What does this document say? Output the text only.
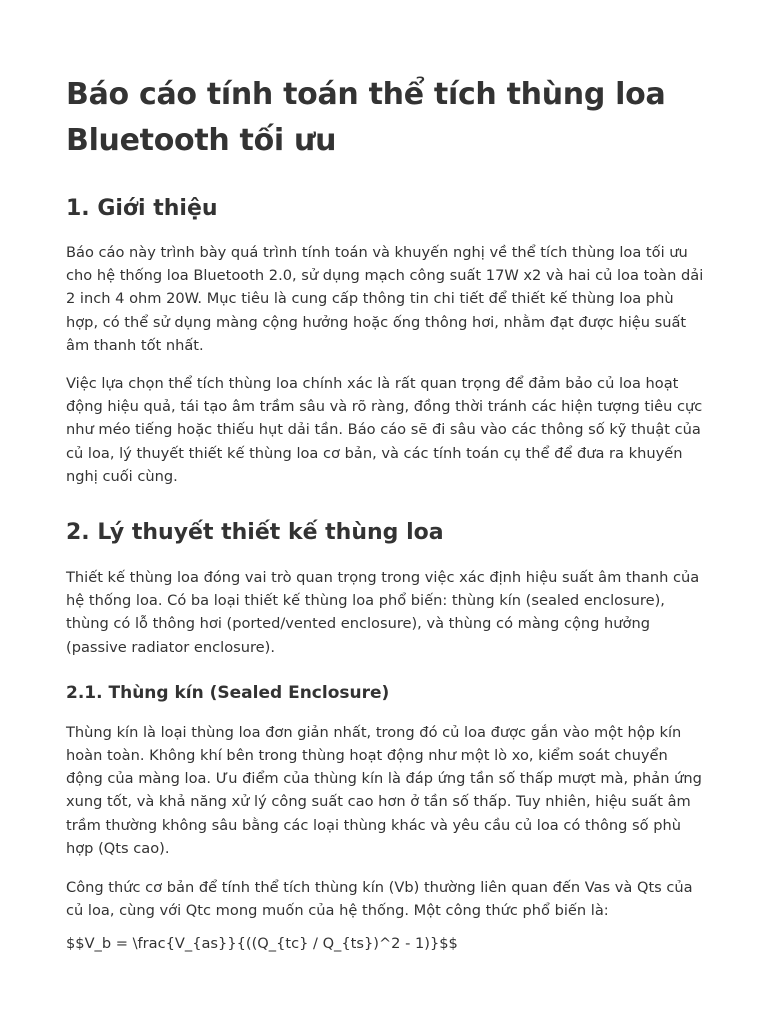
Báo cáo tính toán thể tích thùng loa Bluetooth tối ưu
1. Giới thiệu

Báo cáo này trình bày quá trình tính toán và khuyến nghị về thể tích thùng loa tối ưu cho hệ thống loa Bluetooth 2.0, sử dụng mạch công suất 17W x2 và hai củ loa toàn dải 2 inch 4 ohm 20W. Mục tiêu là cung cấp thông tin chi tiết để thiết kế thùng loa phù hợp, có thể sử dụng màng cộng hưởng hoặc ống thông hơi, nhằm đạt được hiệu suất âm thanh tốt nhất.

Việc lựa chọn thể tích thùng loa chính xác là rất quan trọng để đảm bảo củ loa hoạt động hiệu quả, tái tạo âm trầm sâu và rõ ràng, đồng thời tránh các hiện tượng tiêu cực như méo tiếng hoặc thiếu hụt dải tần. Báo cáo sẽ đi sâu vào các thông số kỹ thuật của củ loa, lý thuyết thiết kế thùng loa cơ bản, và các tính toán cụ thể để đưa ra khuyến nghị cuối cùng.

2. Lý thuyết thiết kế thùng loa

Thiết kế thùng loa đóng vai trò quan trọng trong việc xác định hiệu suất âm thanh của hệ thống loa. Có ba loại thiết kế thùng loa phổ biến: thùng kín (sealed enclosure), thùng có lỗ thông hơi (ported/vented enclosure), và thùng có màng cộng hưởng (passive radiator enclosure).

2.1. Thùng kín (Sealed Enclosure)

Thùng kín là loại thùng loa đơn giản nhất, trong đó củ loa được gắn vào một hộp kín hoàn toàn. Không khí bên trong thùng hoạt động như một lò xo, kiểm soát chuyển động của màng loa. Ưu điểm của thùng kín là đáp ứng tần số thấp mượt mà, phản ứng xung tốt, và khả năng xử lý công suất cao hơn ở tần số thấp. Tuy nhiên, hiệu suất âm trầm thường không sâu bằng các loại thùng khác và yêu cầu củ loa có thông số phù hợp (Qts cao).

Công thức cơ bản để tính thể tích thùng kín (Vb) thường liên quan đến Vas và Qts của củ loa, cùng với Qtc mong muốn của hệ thống. Một công thức phổ biến là:

$$V_b = \frac{V_{as}}{((Q_{tc} / Q_{ts})^2 - 1)}$$
